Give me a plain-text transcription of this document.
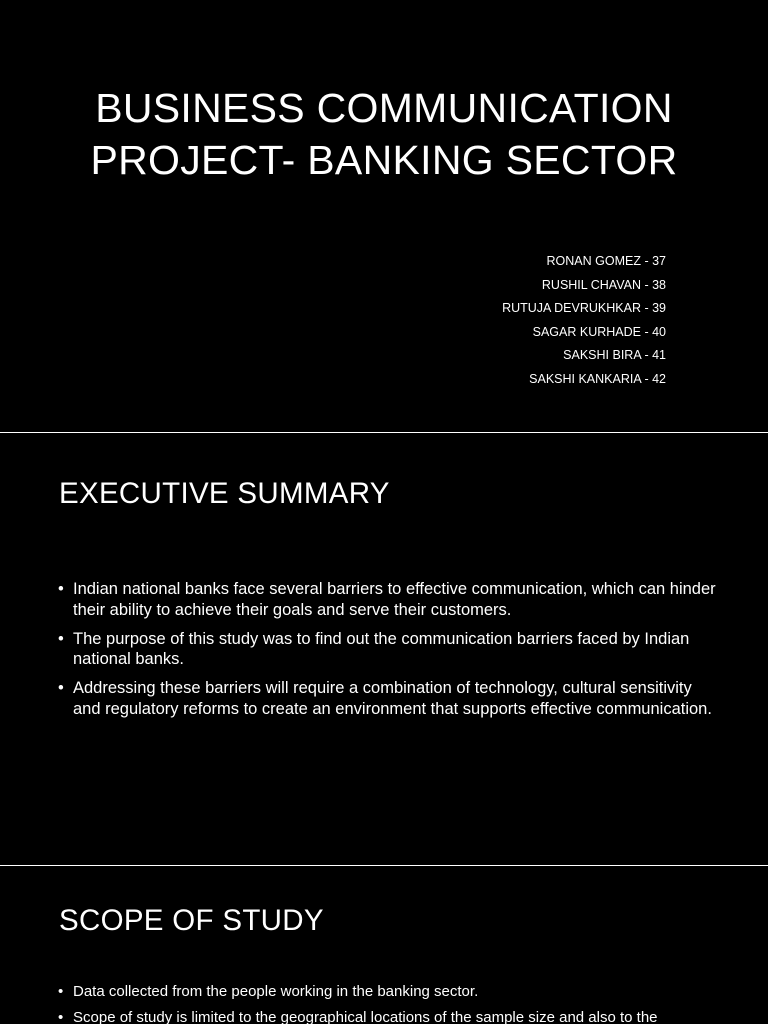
BUSINESS COMMUNICATION
PROJECT- BANKING SECTOR
RONAN GOMEZ - 37
RUSHIL CHAVAN - 38
RUTUJA DEVRUKHKAR - 39
SAGAR KURHADE - 40
SAKSHI BIRA - 41
SAKSHI KANKARIA - 42
EXECUTIVE SUMMARY
• Indian national banks face several barriers to effective communication, which can hinder their ability to achieve their goals and serve their customers.
• The purpose of this study was to find out the communication barriers faced by Indian national banks.
• Addressing these barriers will require a combination of technology, cultural sensitivity and regulatory reforms to create an environment that supports effective communication.
SCOPE OF STUDY
• Data collected from the people working in the banking sector.
• Scope of study is limited to the geographical locations of the sample size and also to the
